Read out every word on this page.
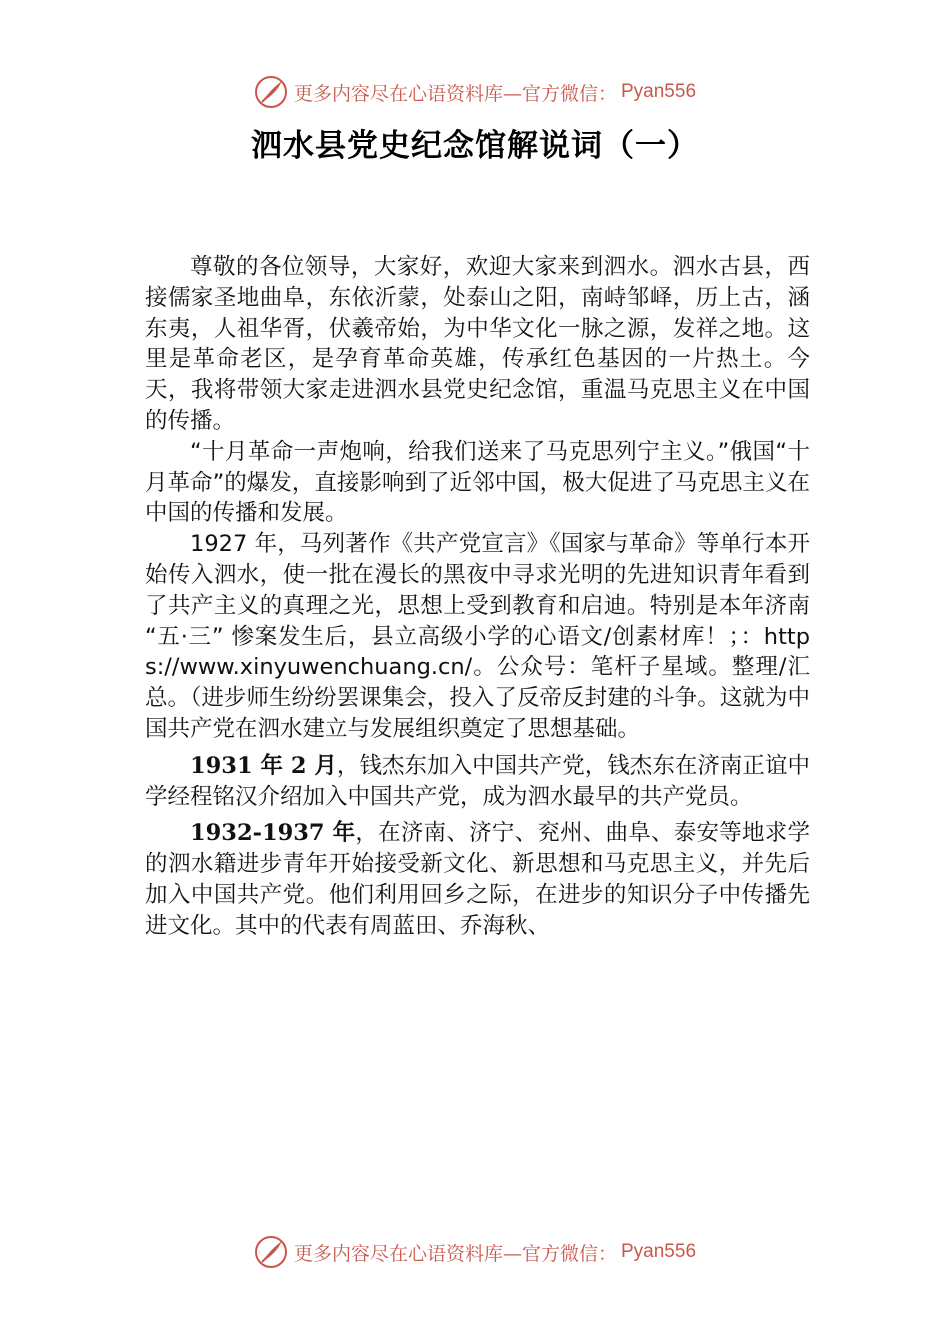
更多内容尽在心语资料库—官方微信： Pyan556
泗水县党史纪念馆解说词（一）

尊敬的各位领导，大家好，欢迎大家来到泗水。泗水古县，西接儒家圣地曲阜，东依沂蒙，处泰山之阳，南峙邹峄，历上古，涵东夷，人祖华胥，伏羲帝始，为中华文化一脉之源，发祥之地。这里是革命老区，是孕育革命英雄，传承红色基因的一片热土。今天，我将带领大家走进泗水县党史纪念馆，重温马克思主义在中国的传播。

“十月革命一声炮响，给我们送来了马克思列宁主义。”俄国“十月革命”的爆发，直接影响到了近邻中国，极大促进了马克思主义在中国的传播和发展。

1927 年，马列著作《共产党宣言》《国家与革命》等单行本开始传入泗水，使一批在漫长的黑夜中寻求光明的先进知识青年看到了共产主义的真理之光，思想上受到教育和启迪。特别是本年济南 “五·三” 惨案发生后，县立高级小学的心语文/创素材库！；：https://www.xinyuwenchuang.cn/。公众号：笔杆子星域。整理/汇总。（进步师生纷纷罢课集会，投入了反帝反封建的斗争。这就为中国共产党在泗水建立与发展组织奠定了思想基础。

1931 年 2 月，钱杰东加入中国共产党，钱杰东在济南正谊中学经程铭汉介绍加入中国共产党，成为泗水最早的共产党员。

1932-1937 年，在济南、济宁、兖州、曲阜、泰安等地求学的泗水籍进步青年开始接受新文化、新思想和马克思主义，并先后加入中国共产党。他们利用回乡之际，在进步的知识分子中传播先进文化。其中的代表有周蓝田、乔海秋、

更多内容尽在心语资料库—官方微信： Pyan556
